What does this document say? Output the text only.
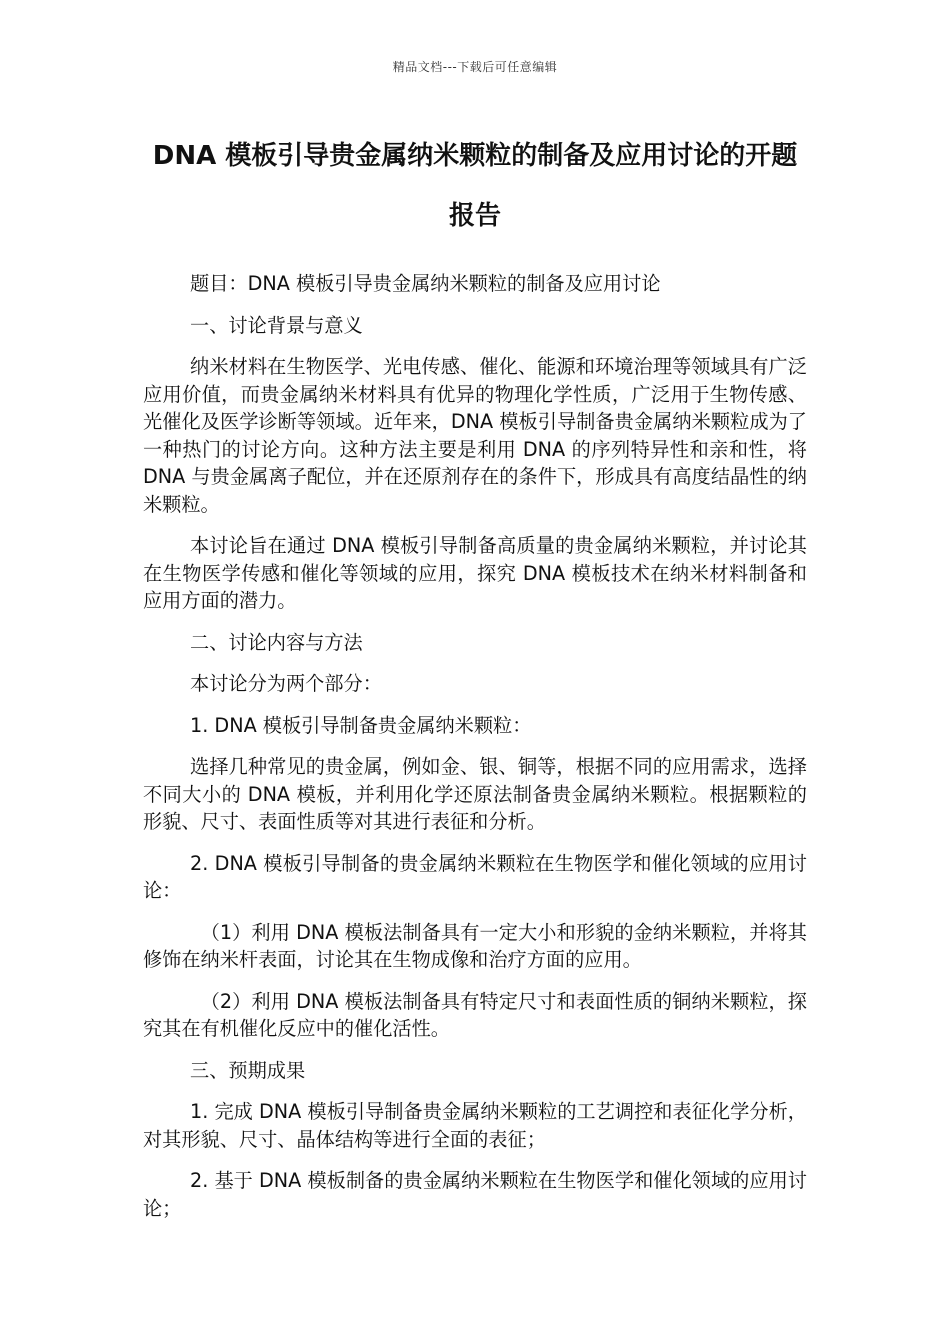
精品文档---下载后可任意编辑
DNA 模板引导贵金属纳米颗粒的制备及应用讨论的开题报告

题目：DNA 模板引导贵金属纳米颗粒的制备及应用讨论

一、讨论背景与意义

纳米材料在生物医学、光电传感、催化、能源和环境治理等领域具有广泛应用价值，而贵金属纳米材料具有优异的物理化学性质，广泛用于生物传感、光催化及医学诊断等领域。近年来，DNA 模板引导制备贵金属纳米颗粒成为了一种热门的讨论方向。这种方法主要是利用 DNA 的序列特异性和亲和性，将 DNA 与贵金属离子配位，并在还原剂存在的条件下，形成具有高度结晶性的纳米颗粒。

本讨论旨在通过 DNA 模板引导制备高质量的贵金属纳米颗粒，并讨论其在生物医学传感和催化等领域的应用，探究 DNA 模板技术在纳米材料制备和应用方面的潜力。

二、讨论内容与方法

本讨论分为两个部分：

1. DNA 模板引导制备贵金属纳米颗粒：

选择几种常见的贵金属，例如金、银、铜等，根据不同的应用需求，选择不同大小的 DNA 模板，并利用化学还原法制备贵金属纳米颗粒。根据颗粒的形貌、尺寸、表面性质等对其进行表征和分析。

2. DNA 模板引导制备的贵金属纳米颗粒在生物医学和催化领域的应用讨论：

（1）利用 DNA 模板法制备具有一定大小和形貌的金纳米颗粒，并将其修饰在纳米杆表面，讨论其在生物成像和治疗方面的应用。

（2）利用 DNA 模板法制备具有特定尺寸和表面性质的铜纳米颗粒，探究其在有机催化反应中的催化活性。

三、预期成果

1. 完成 DNA 模板引导制备贵金属纳米颗粒的工艺调控和表征化学分析，对其形貌、尺寸、晶体结构等进行全面的表征；

2. 基于 DNA 模板制备的贵金属纳米颗粒在生物医学和催化领域的应用讨论；
